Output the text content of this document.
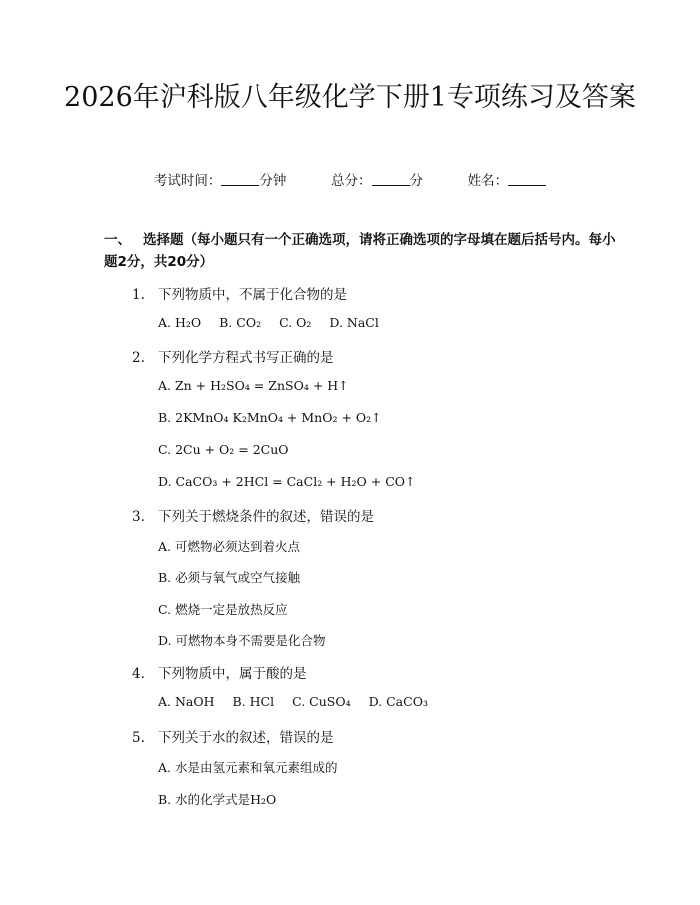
2026年沪科版八年级化学下册1专项练习及答案
考试时间：	分钟	总分：	分	姓名：
一、 选择题（每小题只有一个正确选项，请将正确选项的字母填在题后括号内。每小题2分，共20分）
1. 下列物质中，不属于化合物的是
A. H₂O B. CO₂ C. O₂ D. NaCl
2. 下列化学方程式书写正确的是
A. Zn + H₂SO₄ = ZnSO₄ + H↑
B. 2KMnO₄ K₂MnO₄ + MnO₂ + O₂↑
C. 2Cu + O₂ = 2CuO
D. CaCO₃ + 2HCl = CaCl₂ + H₂O + CO↑
3. 下列关于燃烧条件的叙述，错误的是
A. 可燃物必须达到着火点
B. 必须与氧气或空气接触
C. 燃烧一定是放热反应
D. 可燃物本身不需要是化合物
4. 下列物质中，属于酸的是
A. NaOH B. HCl C. CuSO₄ D. CaCO₃
5. 下列关于水的叙述，错误的是
A. 水是由氢元素和氧元素组成的
B. 水的化学式是H₂O
